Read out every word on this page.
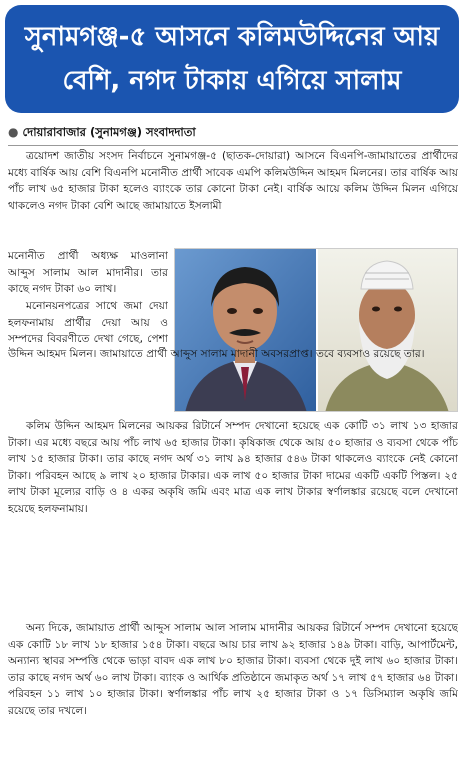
সুনামগঞ্জ-৫ আসনে কলিমউদ্দিনের আয়
বেশি, নগদ টাকায় এগিয়ে সালাম
● দোয়ারাবাজার (সুনামগঞ্জ) সংবাদদাতা
ত্রয়োদশ জাতীয় সংসদ নির্বাচনে সুনামগঞ্জ-৫ (ছাতক-দোয়ারা) আসনে বিএনপি-জামায়াতের প্রার্থীদের মধ্যে বার্ষিক আয় বেশি বিএনপি মনোনীত প্রার্থী সাবেক এমপি কলিমউদ্দিন আহমদ মিলনের। তার বার্ষিক আয় পাঁচ লাখ ৬৫ হাজার টাকা হলেও ব্যাংকে তার কোনো টাকা নেই। বার্ষিক আয়ে কলিম উদ্দিন মিলন এগিয়ে থাকলেও নগদ টাকা বেশি আছে জামায়াতে ইসলামী
মনোনীত প্রার্থী অধ্যক্ষ মাওলানা আব্দুস সালাম আল মাদানীর। তার কাছে নগদ টাকা ৬০ লাখ।
মনোনয়নপত্রের সাথে জমা দেয়া হলফনামায় প্রার্থীর দেয়া আয় ও সম্পদের বিবরণীতে দেখা গেছে, পেশা
উদ্দিন আহমদ মিলন। জামায়াতে প্রার্থী আব্দুস সালাম মাদানী অবসরপ্রাপ্ত। তবে ব্যবসাও রয়েছে তার।
কলিম উদ্দিন আহমদ মিলনের আয়কর রিটার্নে সম্পদ দেখানো হয়েছে এক কোটি ৩১ লাখ ১৩ হাজার টাকা। এর মধ্যে বছরে আয় পাঁচ লাখ ৬৫ হাজার টাকা। কৃষিকাজ থেকে আয় ৫০ হাজার ও ব্যবসা থেকে পাঁচ লাখ ১৫ হাজার টাকা। তার কাছে নগদ অর্থ ৩১ লাখ ৯৪ হাজার ৫৪৬ টাকা থাকলেও ব্যাংকে নেই কোনো টাকা। পরিবহন আছে ৯ লাখ ২০ হাজার টাকার। এক লাখ ৫০ হাজার টাকা দামের একটি একটি পিস্তল। ২৫ লাখ টাকা মূল্যের বাড়ি ও ৪ একর অকৃষি জমি এবং মাত্র এক লাখ টাকার স্বর্ণালঙ্কার রয়েছে বলে দেখানো হয়েছে হলফনামায়।
অন্য দিকে, জামায়াত প্রার্থী আব্দুস সালাম আল সালাম মাদানীর আয়কর রিটার্নে সম্পদ দেখানো হয়েছে এক কোটি ১৮ লাখ ১৮ হাজার ১৫৪ টাকা। বছরে আয় চার লাখ ৯২ হাজার ১৪৯ টাকা। বাড়ি, আপার্টমেন্ট, অন্যান্য স্থাবর সম্পত্তি থেকে ভাড়া বাবদ এক লাখ ৮০ হাজার টাকা। ব্যবসা থেকে দুই লাখ ৬০ হাজার টাকা। তার কাছে নগদ অর্থ ৬০ লাখ টাকা। ব্যাংক ও আর্থিক প্রতিষ্ঠানে জমাকৃত অর্থ ১৭ লাখ ৫৭ হাজার ৬৪ টাকা। পরিবহন ১১ লাখ ১০ হাজার টাকা। স্বর্ণালঙ্কার পাঁচ লাখ ২৫ হাজার টাকা ও ১৭ ডিসিম্যাল অকৃষি জমি রয়েছে তার দখলে।
